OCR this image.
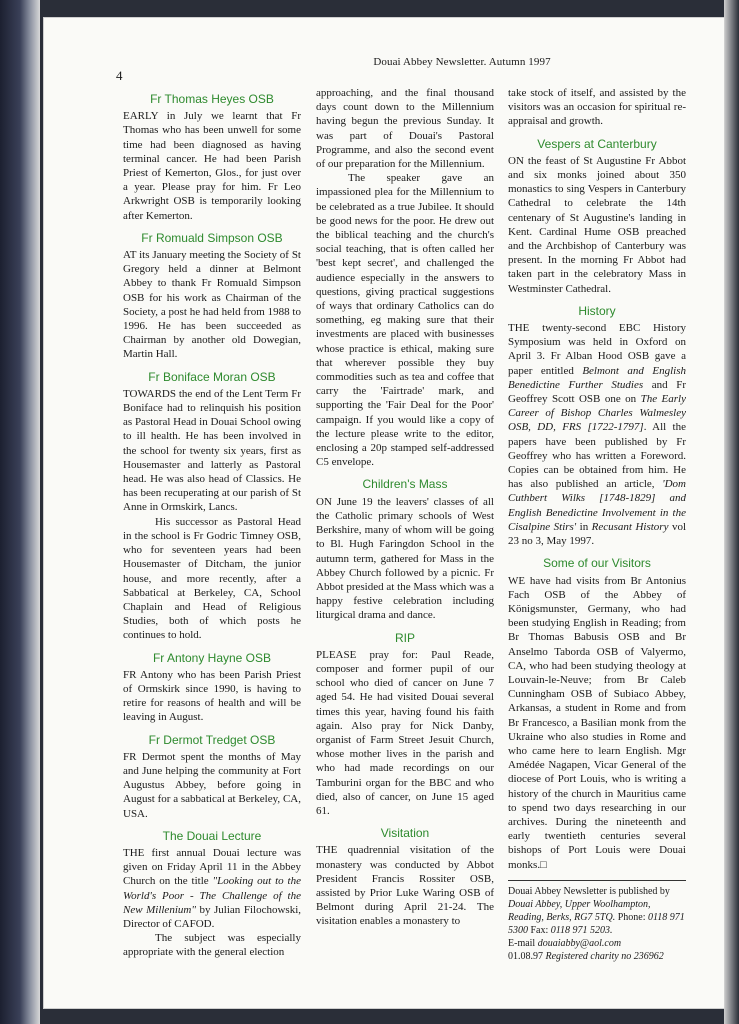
Douai Abbey Newsletter. Autumn 1997
4
Fr Thomas Heyes OSB

EARLY in July we learnt that Fr Thomas who has been unwell for some time had been diagnosed as having terminal cancer. He had been Parish Priest of Kemerton, Glos., for just over a year. Please pray for him. Fr Leo Arkwright OSB is temporarily looking after Kemerton.

Fr Romuald Simpson OSB

AT its January meeting the Society of St Gregory held a dinner at Belmont Abbey to thank Fr Romuald Simpson OSB for his work as Chairman of the Society, a post he had held from 1988 to 1996. He has been succeeded as Chairman by another old Dowegian, Martin Hall.

Fr Boniface Moran OSB

TOWARDS the end of the Lent Term Fr Boniface had to relinquish his position as Pastoral Head in Douai School owing to ill health. He has been involved in the school for twenty six years, first as Housemaster and latterly as Pastoral head. He was also head of Classics. He has been recuperating at our parish of St Anne in Ormskirk, Lancs.

His successor as Pastoral Head in the school is Fr Godric Timney OSB, who for seventeen years had been Housemaster of Ditcham, the junior house, and more recently, after a Sabbatical at Berkeley, CA, School Chaplain and Head of Religious Studies, both of which posts he continues to hold.

Fr Antony Hayne OSB

FR Antony who has been Parish Priest of Ormskirk since 1990, is having to retire for reasons of health and will be leaving in August.

Fr Dermot Tredget OSB

FR Dermot spent the months of May and June helping the community at Fort Augustus Abbey, before going in August for a sabbatical at Berkeley, CA, USA.

The Douai Lecture

THE first annual Douai lecture was given on Friday April 11 in the Abbey Church on the title "Looking out to the World's Poor - The Challenge of the New Millenium" by Julian Filochowski, Director of CAFOD.

The subject was especially appropriate with the general election

approaching, and the final thousand days count down to the Millennium having begun the previous Sunday. It was part of Douai's Pastoral Programme, and also the second event of our preparation for the Millennium.

The speaker gave an impassioned plea for the Millennium to be celebrated as a true Jubilee. It should be good news for the poor. He drew out the biblical teaching and the church's social teaching, that is often called her 'best kept secret', and challenged the audience especially in the answers to questions, giving practical suggestions of ways that ordinary Catholics can do something, eg making sure that their investments are placed with businesses whose practice is ethical, making sure that wherever possible they buy commodities such as tea and coffee that carry the 'Fairtrade' mark, and supporting the 'Fair Deal for the Poor' campaign. If you would like a copy of the lecture please write to the editor, enclosing a 20p stamped self-addressed C5 envelope.

Children's Mass

ON June 19 the leavers' classes of all the Catholic primary schools of West Berkshire, many of whom will be going to Bl. Hugh Faringdon School in the autumn term, gathered for Mass in the Abbey Church followed by a picnic. Fr Abbot presided at the Mass which was a happy festive celebration including liturgical drama and dance.

RIP

PLEASE pray for: Paul Reade, composer and former pupil of our school who died of cancer on June 7 aged 54. He had visited Douai several times this year, having found his faith again. Also pray for Nick Danby, organist of Farm Street Jesuit Church, whose mother lives in the parish and who had made recordings on our Tamburini organ for the BBC and who died, also of cancer, on June 15 aged 61.

Visitation

THE quadrennial visitation of the monastery was conducted by Abbot President Francis Rossiter OSB, assisted by Prior Luke Waring OSB of Belmont during April 21-24. The visitation enables a monastery to

take stock of itself, and assisted by the visitors was an occasion for spiritual re-appraisal and growth.

Vespers at Canterbury

ON the feast of St Augustine Fr Abbot and six monks joined about 350 monastics to sing Vespers in Canterbury Cathedral to celebrate the 14th centenary of St Augustine's landing in Kent. Cardinal Hume OSB preached and the Archbishop of Canterbury was present. In the morning Fr Abbot had taken part in the celebratory Mass in Westminster Cathedral.

History

THE twenty-second EBC History Symposium was held in Oxford on April 3. Fr Alban Hood OSB gave a paper entitled Belmont and English Benedictine Further Studies and Fr Geoffrey Scott OSB one on The Early Career of Bishop Charles Walmesley OSB, DD, FRS [1722-1797]. All the papers have been published by Fr Geoffrey who has written a Foreword. Copies can be obtained from him. He has also published an article, 'Dom Cuthbert Wilks [1748-1829] and English Benedictine Involvement in the Cisalpine Stirs' in Recusant History vol 23 no 3, May 1997.

Some of our Visitors

WE have had visits from Br Antonius Fach OSB of the Abbey of Königsmunster, Germany, who had been studying English in Reading; from Br Thomas Babusis OSB and Br Anselmo Taborda OSB of Valyermo, CA, who had been studying theology at Louvain-le-Neuve; from Br Caleb Cunningham OSB of Subiaco Abbey, Arkansas, a student in Rome and from Br Francesco, a Basilian monk from the Ukraine who also studies in Rome and who came here to learn English. Mgr Amédée Nagapen, Vicar General of the diocese of Port Louis, who is writing a history of the church in Mauritius came to spend two days researching in our archives. During the nineteenth and early twentieth centuries several bishops of Port Louis were Douai monks.□

Douai Abbey Newsletter is published by Douai Abbey, Upper Woolhampton, Reading, Berks, RG7 5TQ. Phone: 0118 971 5300 Fax: 0118 971 5203.
E-mail douaiabby@aol.com
01.08.97 Registered charity no 236962
